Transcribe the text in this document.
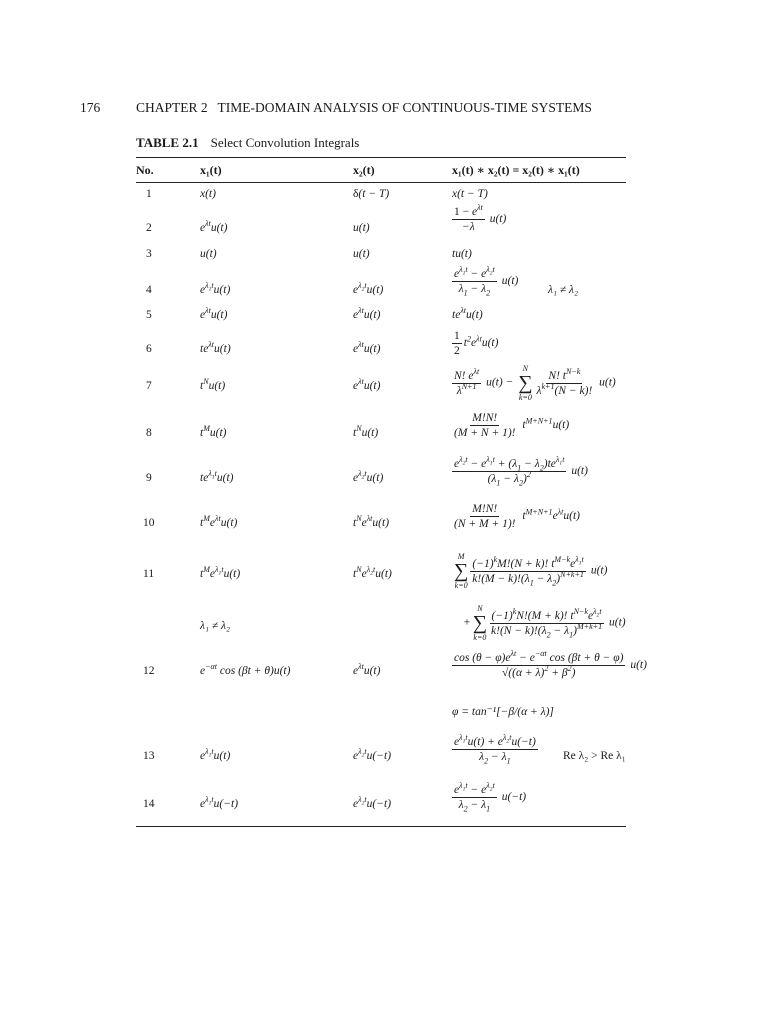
176	CHAPTER 2   TIME-DOMAIN ANALYSIS OF CONTINUOUS-TIME SYSTEMS
TABLE 2.1 Select Convolution Integrals
No.	x₁(t)	x₂(t)	x₁(t) ∗ x₂(t) = x₂(t) ∗ x₁(t)
1	x(t)	δ(t − T)	x(t − T)
2	$e^{\lambda t}u(t)$	u(t)	$\frac{1 - e^{\lambda t}}{-\lambda} u(t)$
3	u(t)	u(t)	tu(t)
4	$e^{\lambda_1t}u(t)$	$e^{\lambda_2t}u(t)$	$\frac{e^{\lambda_1t} - e^{\lambda_2t}}{\lambda_1 - \lambda_2} u(t)$
λ₁ ≠ λ₂
5	$e^{\lambda t}u(t)$	$e^{\lambda t}u(t)$	$te^{\lambda t}u(t)$
6	$te^{\lambda t}u(t)$	$e^{\lambda t}u(t)$	$\frac{1}{2} t^2e^{\lambda t}u(t)$
7	$t^Nu(t)$	$e^{\lambda t}u(t)$	$\frac{N! e^{\lambda t}}{\lambda^{N+1}} u(t)$ −
N
∑
k=0
$\frac{N! t^{N-k}}{\lambda^{k+1}(N - k)!} u(t)$
8	$t^Mu(t)$	$t^Nu(t)$	$\frac{M!N!}{(M + N + 1)!} t^{M+N+1}u(t)$
9	$te^{\lambda_1t}u(t)$	$e^{\lambda_2t}u(t)$	$\frac{e^{\lambda_2t} - e^{\lambda_1t} + (\lambda_1 - \lambda_2)te^{\lambda_1t}}{(\lambda_1 - \lambda_2)^2} u(t)$
10	$t^Me^{\lambda t}u(t)$	$t^Ne^{\lambda t}u(t)$	$\frac{M!N!}{(N + M + 1)!} t^{M+N+1}e^{\lambda t}u(t)$
11	$t^Me^{\lambda_1t}u(t)$	$t^Ne^{\lambda_2t}u(t)$
M
∑
k=0
$\frac{(-1)^kM!(N + k)! t^{M-k}e^{\lambda_1t}}{k!(M - k)!(\lambda_1 - \lambda_2)^{N+k+1}} u(t)$
λ₁ ≠ λ₂	+
N
∑
k=0
$\frac{(-1)^kN!(M + k)! t^{N-k}e^{\lambda_2t}}{k!(N - k)!(\lambda_2 - \lambda_1)^{M+k+1}} u(t)$
12	$e^{-\alpha t}$ cos (βt + θ)u(t)	$e^{\lambda t}u(t)$	$\frac{\cos (\theta - \varphi)e^{\lambda t} - e^{-\alpha t} \cos (\beta t + \theta - \varphi)}{√((\alpha + \lambda)^2 + \beta^2)} u(t)$
φ = tan⁻¹[−β/(α + λ)]
13	$e^{\lambda_1t}u(t)$	$e^{\lambda_2t}u(-t)$	$\frac{e^{\lambda_1t}u(t) + e^{\lambda_2t}u(-t)}{\lambda_2 - \lambda_1}$ Re λ₂ > Re λ₁
14	$e^{\lambda_1t}u(-t)$	$e^{\lambda_2t}u(-t)$	$\frac{e^{\lambda_1t} - e^{\lambda_2t}}{\lambda_2 - \lambda_1} u(-t)$
